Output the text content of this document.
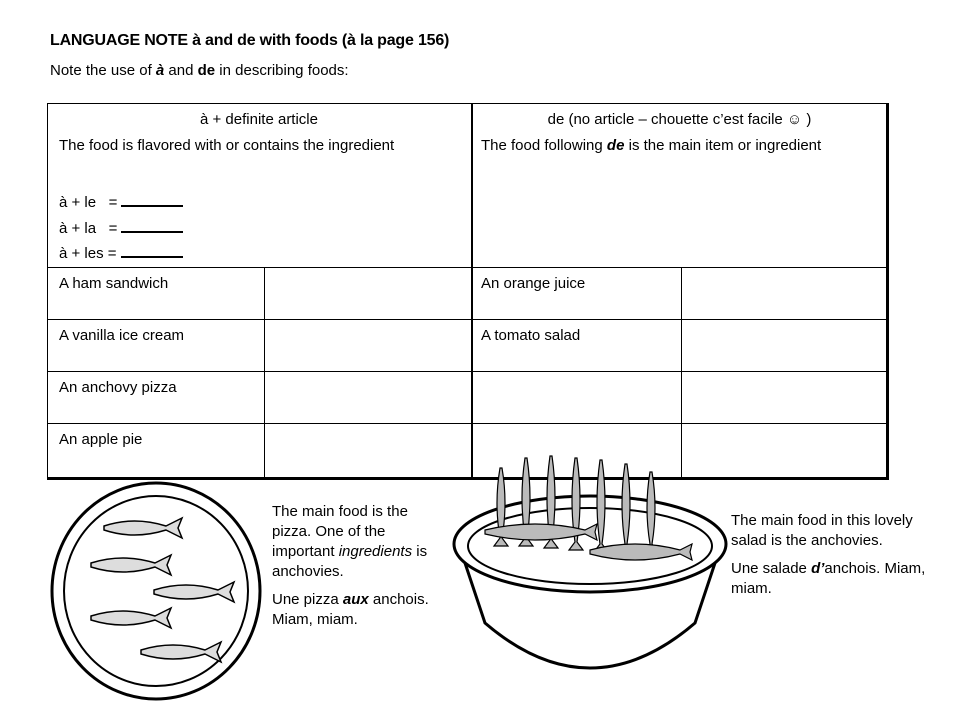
LANGUAGE NOTE à and de with foods (à la page 156)
Note the use of à and de in describing foods:
à + definite article
The food is flavored with or contains the ingredient
à + le   =
à + la   =
à + les =
de (no article – chouette c’est facile ☺ )
The food following de is the main item or ingredient
A ham sandwich	An orange juice
A vanilla ice cream	A tomato salad
An anchovy pizza
An apple pie

The main food is the pizza. One of the important ingredients is anchovies.

Une pizza aux anchois. Miam, miam.

The main food in this lovely salad is the anchovies.

Une salade d’anchois. Miam, miam.
